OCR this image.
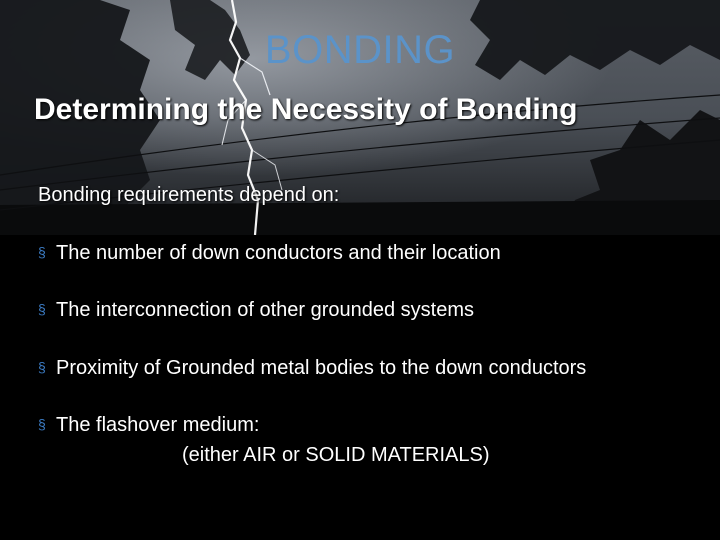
BONDING
Determining the Necessity of Bonding
Bonding requirements depend on:
§ The number of down conductors and their location
§ The interconnection of other grounded systems
§ Proximity of Grounded metal bodies to the down conductors
§ The flashover medium:
(either AIR or SOLID MATERIALS)
